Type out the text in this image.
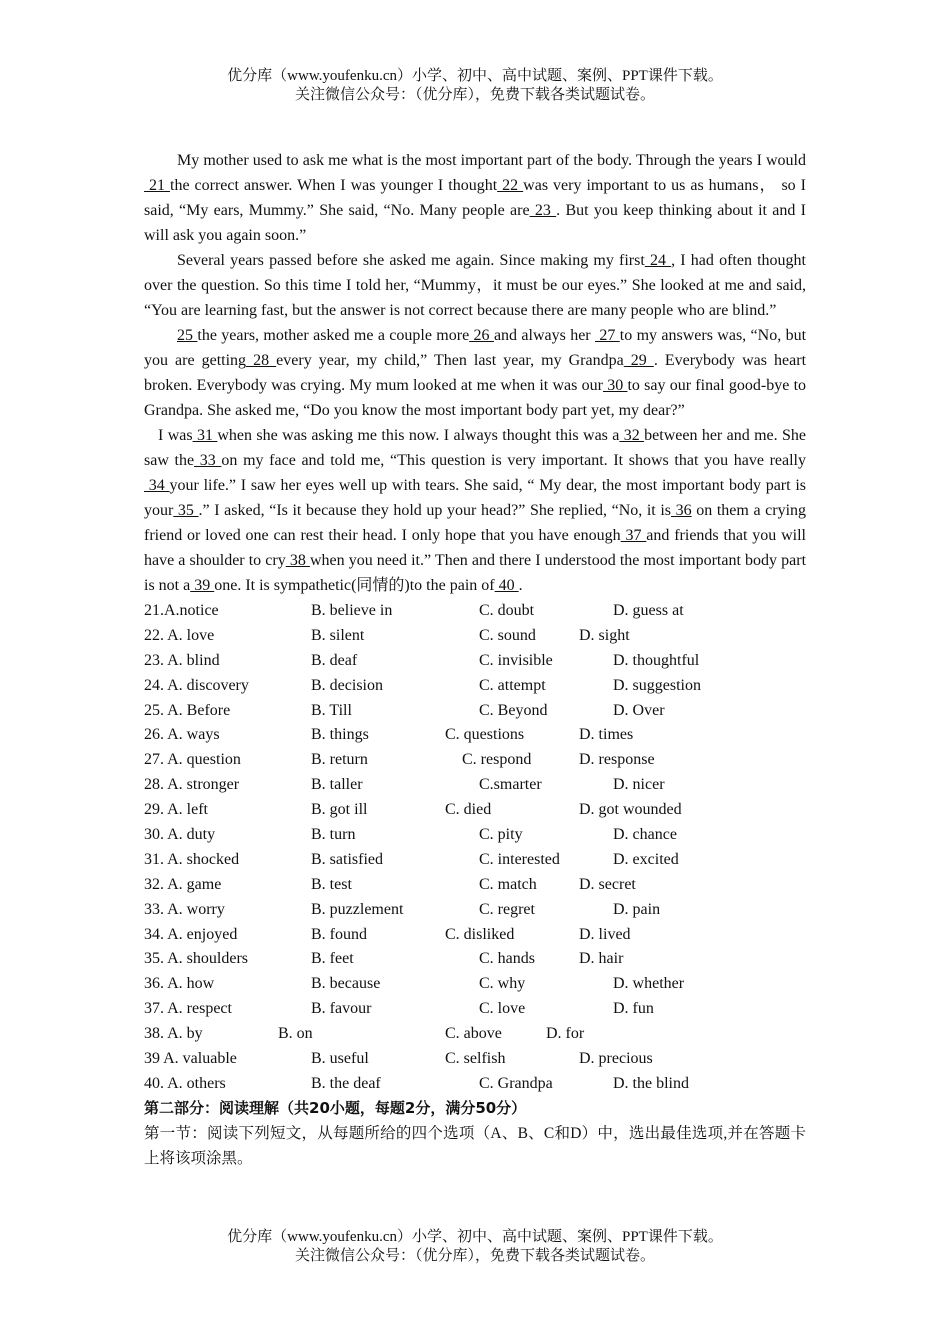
优分库（www.youfenku.cn）小学、初中、高中试题、案例、PPT课件下载。
关注微信公众号：（优分库），免费下载各类试题试卷。

My mother used to ask me what is the most important part of the body. Through the years I would 21 the correct answer. When I was younger I thought 22 was very important to us as humans， so I said, “My ears, Mummy.” She said, “No. Many people are 23 . But you keep thinking about it and I will ask you again soon.”

Several years passed before she asked me again. Since making my first 24 , I had often thought over the question. So this time I told her, “Mummy，it must be our eyes.” She looked at me and said, “You are learning fast, but the answer is not correct because there are many people who are blind.”

25 the years, mother asked me a couple more 26 and always her  27 to my answers was, “No, but you are getting 28 every year, my child,” Then last year, my Grandpa 29 . Everybody was heart broken. Everybody was crying. My mum looked at me when it was our 30 to say our final good-bye to Grandpa. She asked me, “Do you know the most important body part yet, my dear?”

I was 31 when she was asking me this now. I always thought this was a 32 between her and me. She saw the 33 on my face and told me, “This question is very important. It shows that you have really 34 your life.” I saw her eyes well up with tears. She said, “ My dear, the most important body part is your 35 .” I asked, “Is it because they hold up your head?” She replied, “No, it is 36 on them a crying friend or loved one can rest their head. I only hope that you have enough 37 and friends that you will have a shoulder to cry 38 when you need it.” Then and there I understood the most important body part is not a 39 one. It is sympathetic(同情的)to the pain of 40 .

21.A.notice	B. believe in	C. doubt	D. guess at
22. A. love	B. silent	C. sound	D. sight
23. A. blind	B. deaf	C. invisible	D. thoughtful
24. A. discovery	B. decision	C. attempt	D. suggestion
25. A. Before	B. Till	C. Beyond	D. Over
26. A. ways	B. things	C. questions	D. times
27. A. question	B. return	C. respond	D. response
28. A. stronger	B. taller	C.smarter	D. nicer
29. A. left	B. got ill	C. died	D. got wounded
30. A. duty	B. turn	C. pity	D. chance
31. A. shocked	B. satisfied	C. interested	D. excited
32. A. game	B. test	C. match	D. secret
33. A. worry	B. puzzlement	C. regret	D. pain
34. A. enjoyed	B. found	C. disliked	D. lived
35. A. shoulders	B. feet	C. hands	D. hair
36. A. how	B. because	C. why	D. whether
37. A. respect	B. favour	C. love	D. fun
38. A. by	B. on	C. above	D. for
39 A. valuable	B. useful	C. selfish	D. precious
40. A. others	B. the deaf	C. Grandpa	D. the blind
第二部分：阅读理解（共20小题，每题2分，满分50分）
第一节：阅读下列短文，从每题所给的四个选项（A、B、C和D）中，选出最佳选项,并在答题卡上将该项涂黑。
优分库（www.youfenku.cn）小学、初中、高中试题、案例、PPT课件下载。
关注微信公众号：（优分库），免费下载各类试题试卷。
